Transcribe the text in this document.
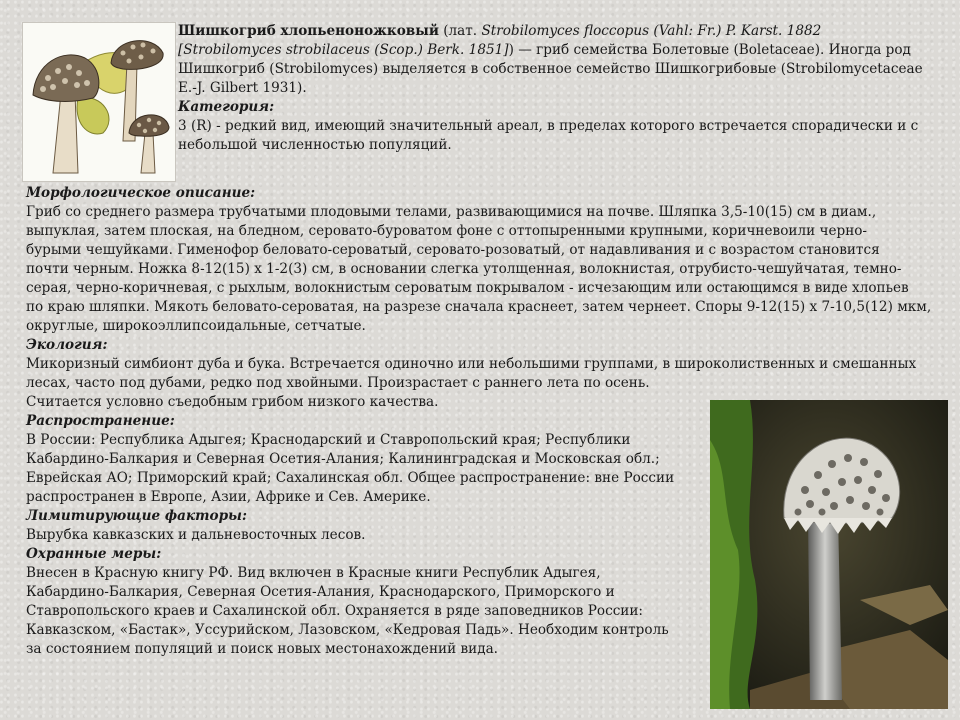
Шишкогриб хлопьеноножковый (лат. Strobilomyces floccopus (Vahl: Fr.) P. Karst. 1882

[Strobilomyces strobilaceus (Scop.) Berk. 1851]) — гриб семейства Болетовые (Boletaceae). Иногда род

Шишкогриб (Strobilomyces) выделяется в собственное семейство Шишкогрибовые (Strobilomycetaceae

E.-J. Gilbert 1931).

Категория:

3 (R) - редкий вид, имеющий значительный ареал, в пределах которого встречается спорадически и с

небольшой численностью популяций.

Морфологическое описание:

Гриб со среднего размера трубчатыми плодовыми телами, развивающимися на почве. Шляпка 3,5-10(15) см в диам.,

выпуклая, затем плоская, на бледном, серовато-буроватом фоне с оттопыренными крупными, коричневоили черно-

бурыми чешуйками. Гименофор беловато-сероватый, серовато-розоватый, от надавливания и с возрастом становится

почти черным. Ножка 8-12(15) х 1-2(3) см, в основании слегка утолщенная, волокнистая, отрубисто-чешуйчатая, темно-

серая, черно-коричневая, с рыхлым, волокнистым сероватым покрывалом - исчезающим или остающимся в виде хлопьев

по краю шляпки. Мякоть беловато-сероватая, на разрезе сначала краснеет, затем чернеет. Споры 9-12(15) х 7-10,5(12) мкм,

округлые, широкоэллипсоидальные, сетчатые.

Экология:

Микоризный симбионт дуба и бука. Встречается одиночно или небольшими группами, в широколиственных и смешанных

лесах, часто под дубами, редко под хвойными. Произрастает с раннего лета по осень.

Считается условно съедобным грибом низкого качества.

Распространение:

В России: Республика Адыгея; Краснодарский и Ставропольский края; Республики

Кабардино-Балкария и Северная Осетия-Алания; Калининградская и Московская обл.;

Еврейская АО; Приморский край; Сахалинская обл. Общее распространение: вне России

распространен в Европе, Азии, Африке и Сев. Америке.

Лимитирующие факторы:

Вырубка кавказских и дальневосточных лесов.

Охранные меры:

Внесен в Красную книгу РФ. Вид включен в Красные книги Республик Адыгея,

Кабардино-Балкария, Северная Осетия-Алания, Краснодарского, Приморского и

Ставропольского краев и Сахалинской обл. Охраняется в ряде заповедников России:

Кавказском, «Бастак», Уссурийском, Лазовском, «Кедровая Падь». Необходим контроль

за состоянием популяций и поиск новых местонахождений вида.
